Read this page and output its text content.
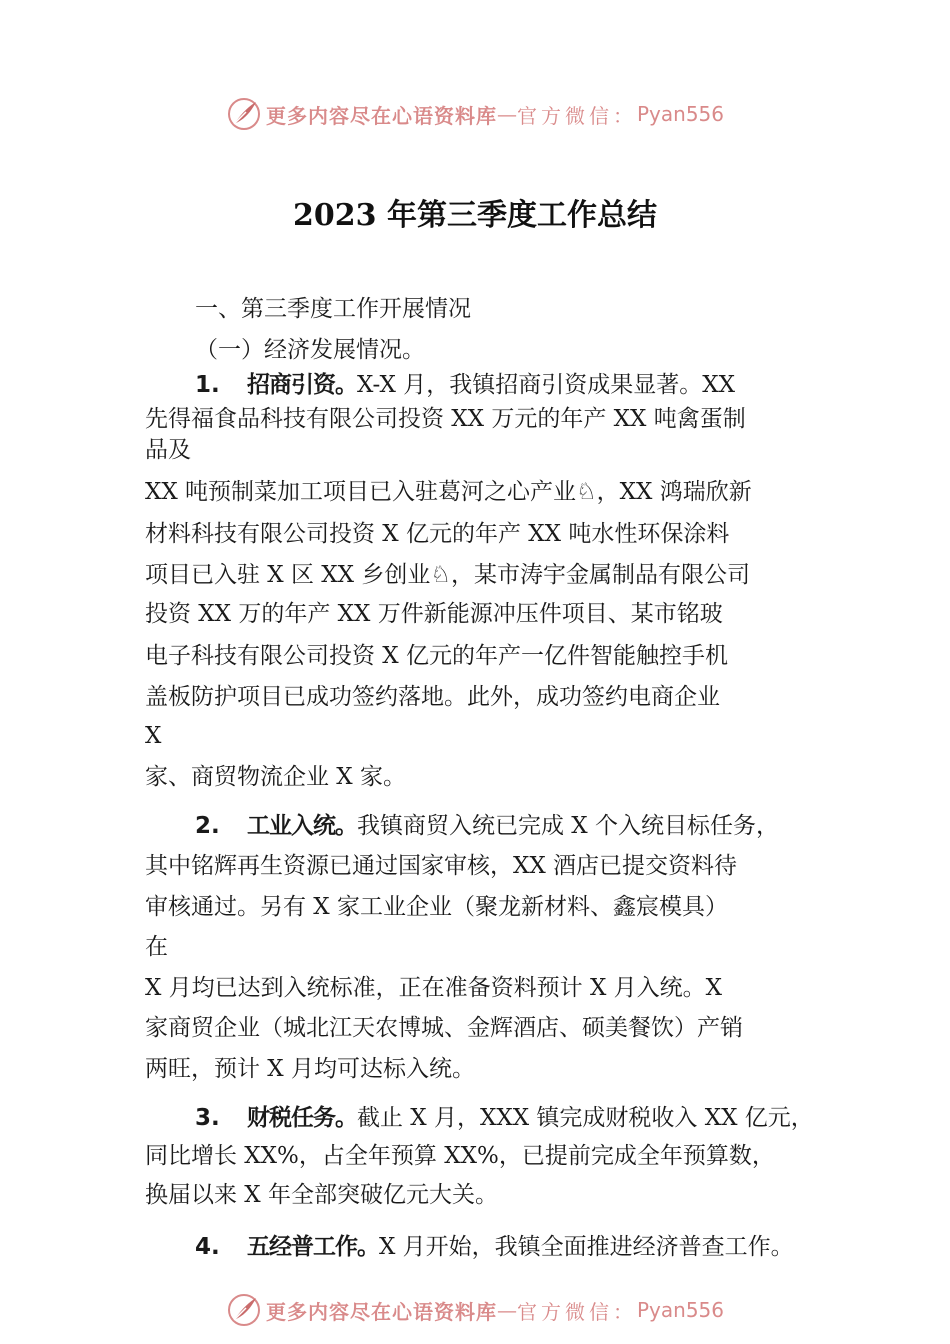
更多内容尽在心语资料库 — 官方微信： Pyan556
2023 年第三季度工作总结
一、第三季度工作开展情况
（一）经济发展情况。
1. 招商引资。X-X 月，我镇招商引资成果显著。XX
先得福食品科技有限公司投资 XX 万元的年产 XX 吨禽蛋制
品及
XX 吨预制菜加工项目已入驻葛河之心产业♘，XX 鸿瑞欣新
材料科技有限公司投资 X 亿元的年产 XX 吨水性环保涂料
项目已入驻 X 区 XX 乡创业♘，某市涛宇金属制品有限公司
投资 XX 万的年产 XX 万件新能源冲压件项目、某市铭玻
电子科技有限公司投资 X 亿元的年产一亿件智能触控手机
盖板防护项目已成功签约落地。此外，成功签约电商企业
X
家、商贸物流企业 X 家。
2. 工业入统。我镇商贸入统已完成 X 个入统目标任务，
其中铭辉再生资源已通过国家审核，XX 酒店已提交资料待
审核通过。另有 X 家工业企业（聚龙新材料、鑫宸模具）
在
X 月均已达到入统标准，正在准备资料预计 X 月入统。X
家商贸企业（城北江天农博城、金辉酒店、硕美餐饮）产销
两旺，预计 X 月均可达标入统。
3. 财税任务。截止 X 月，XXX 镇完成财税收入 XX 亿元，
同比增长 XX%，占全年预算 XX%，已提前完成全年预算数，
换届以来 X 年全部突破亿元大关。
4. 五经普工作。X 月开始，我镇全面推进经济普查工作。
更多内容尽在心语资料库 — 官方微信： Pyan556
